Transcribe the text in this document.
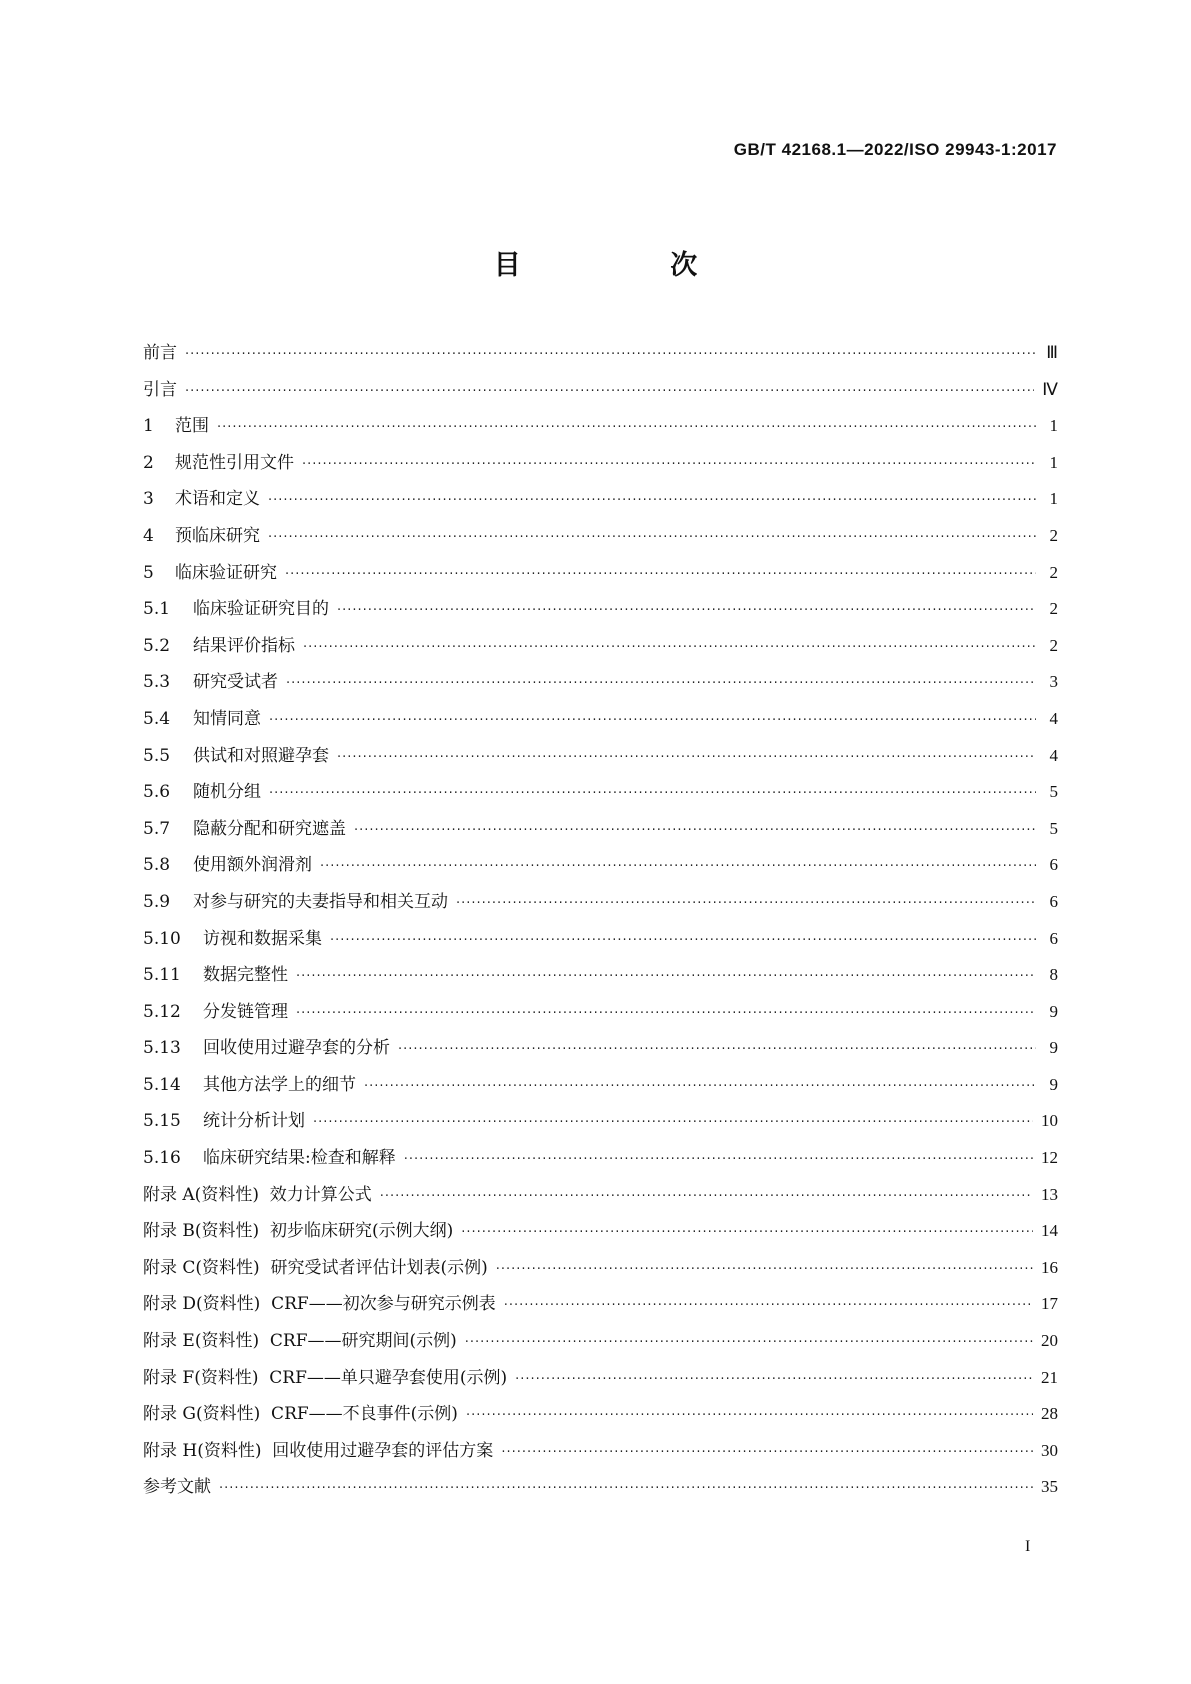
GB/T 42168.1—2022/ISO 29943-1:2017
目 次
前言 ·····	Ⅲ
引言 ·····	Ⅳ
1	范围 ·····	1
2	规范性引用文件 ·····	1
3	术语和定义 ·····	1
4	预临床研究 ·····	2
5	临床验证研究 ·····	2
5.1	临床验证研究目的 ·····	2
5.2	结果评价指标 ·····	2
5.3	研究受试者 ·····	3
5.4	知情同意 ·····	4
5.5	供试和对照避孕套 ·····	4
5.6	随机分组 ·····	5
5.7	隐蔽分配和研究遮盖 ·····	5
5.8	使用额外润滑剂 ·····	6
5.9	对参与研究的夫妻指导和相关互动 ·····	6
5.10	访视和数据采集 ·····	6
5.11	数据完整性 ·····	8
5.12	分发链管理 ·····	9
5.13	回收使用过避孕套的分析 ·····	9
5.14	其他方法学上的细节 ·····	9
5.15	统计分析计划 ·····	10
5.16	临床研究结果:检查和解释 ·····	12
附录 A(资料性)  效力计算公式 ·····	13
附录 B(资料性)  初步临床研究(示例大纲) ·····	14
附录 C(资料性)  研究受试者评估计划表(示例) ·····	16
附录 D(资料性)  CRF——初次参与研究示例表 ·····	17
附录 E(资料性)  CRF——研究期间(示例) ·····	20
附录 F(资料性)  CRF——单只避孕套使用(示例) ·····	21
附录 G(资料性)  CRF——不良事件(示例) ·····	28
附录 H(资料性)  回收使用过避孕套的评估方案 ·····	30
参考文献 ·····	35
I
